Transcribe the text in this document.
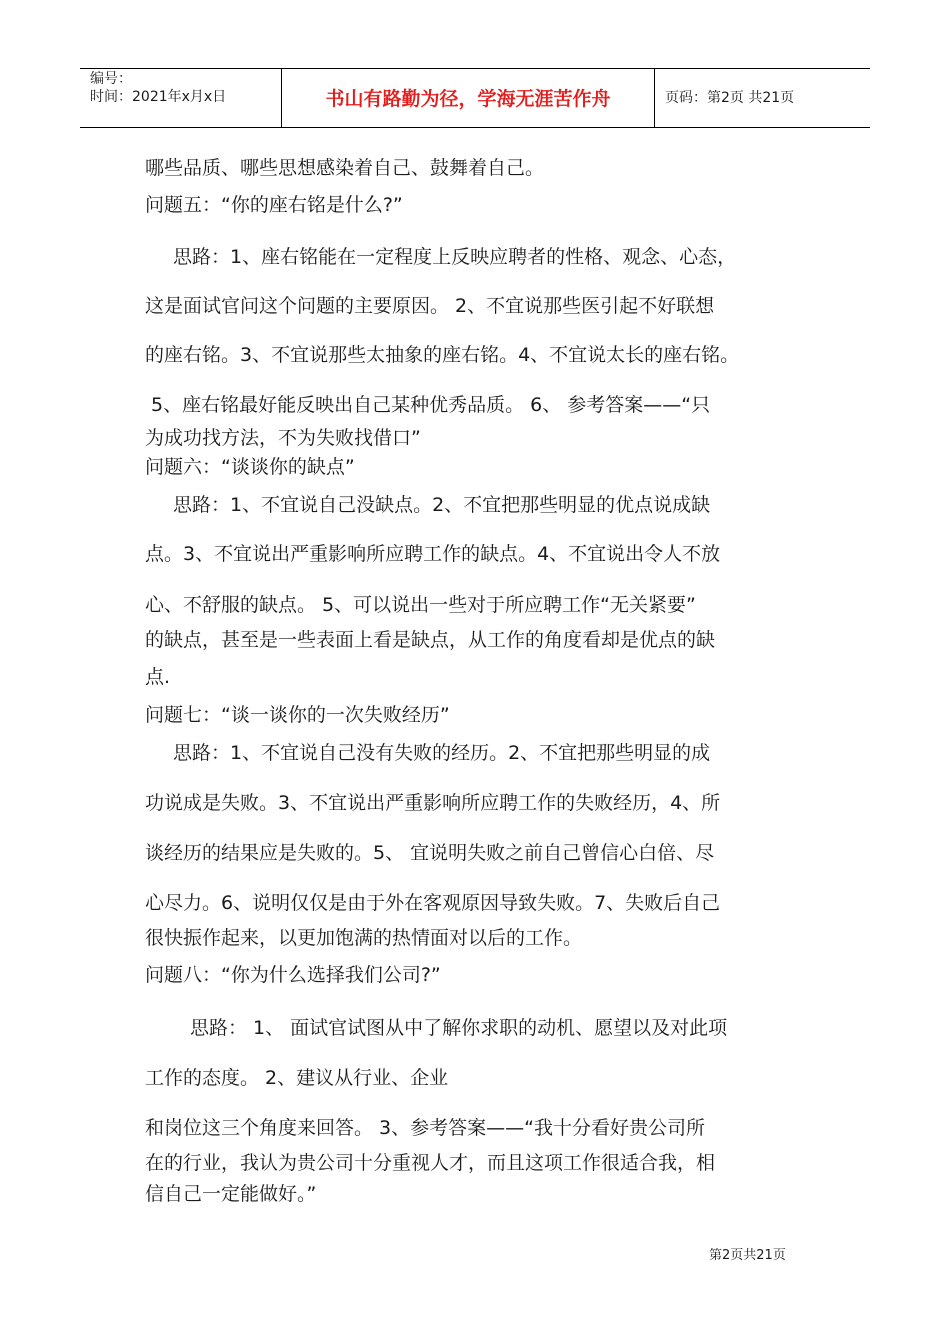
编号：
时间：2021年x月x日	书山有路勤为径，学海无涯苦作舟	页码：第2页 共21页
哪些品质、哪些思想感染着自己、鼓舞着自己。
问题五：“你的座右铭是什么?”
思路：1、座右铭能在一定程度上反映应聘者的性格、观念、心态，
这是面试官问这个问题的主要原因。 2、不宜说那些医引起不好联想
的座右铭。3、不宜说那些太抽象的座右铭。4、不宜说太长的座右铭。
5、座右铭最好能反映出自己某种优秀品质。 6、 参考答案——“只
为成功找方法，不为失败找借口”
问题六：“谈谈你的缺点”
思路：1、不宜说自己没缺点。2、不宜把那些明显的优点说成缺
点。3、不宜说出严重影响所应聘工作的缺点。4、不宜说出令人不放
心、不舒服的缺点。 5、可以说出一些对于所应聘工作“无关紧要”
的缺点，甚至是一些表面上看是缺点，从工作的角度看却是优点的缺
点.
问题七：“谈一谈你的一次失败经历”
思路：1、不宜说自己没有失败的经历。2、不宜把那些明显的成
功说成是失败。3、不宜说出严重影响所应聘工作的失败经历，4、所
谈经历的结果应是失败的。5、 宜说明失败之前自己曾信心白倍、尽
心尽力。6、说明仅仅是由于外在客观原因导致失败。7、失败后自己
很快振作起来，以更加饱满的热情面对以后的工作。
问题八：“你为什么选择我们公司?”
思路： 1、 面试官试图从中了解你求职的动机、愿望以及对此项
工作的态度。 2、建议从行业、企业
和岗位这三个角度来回答。 3、参考答案——“我十分看好贵公司所
在的行业，我认为贵公司十分重视人才，而且这项工作很适合我，相
信自己一定能做好。”
第2页共21页
